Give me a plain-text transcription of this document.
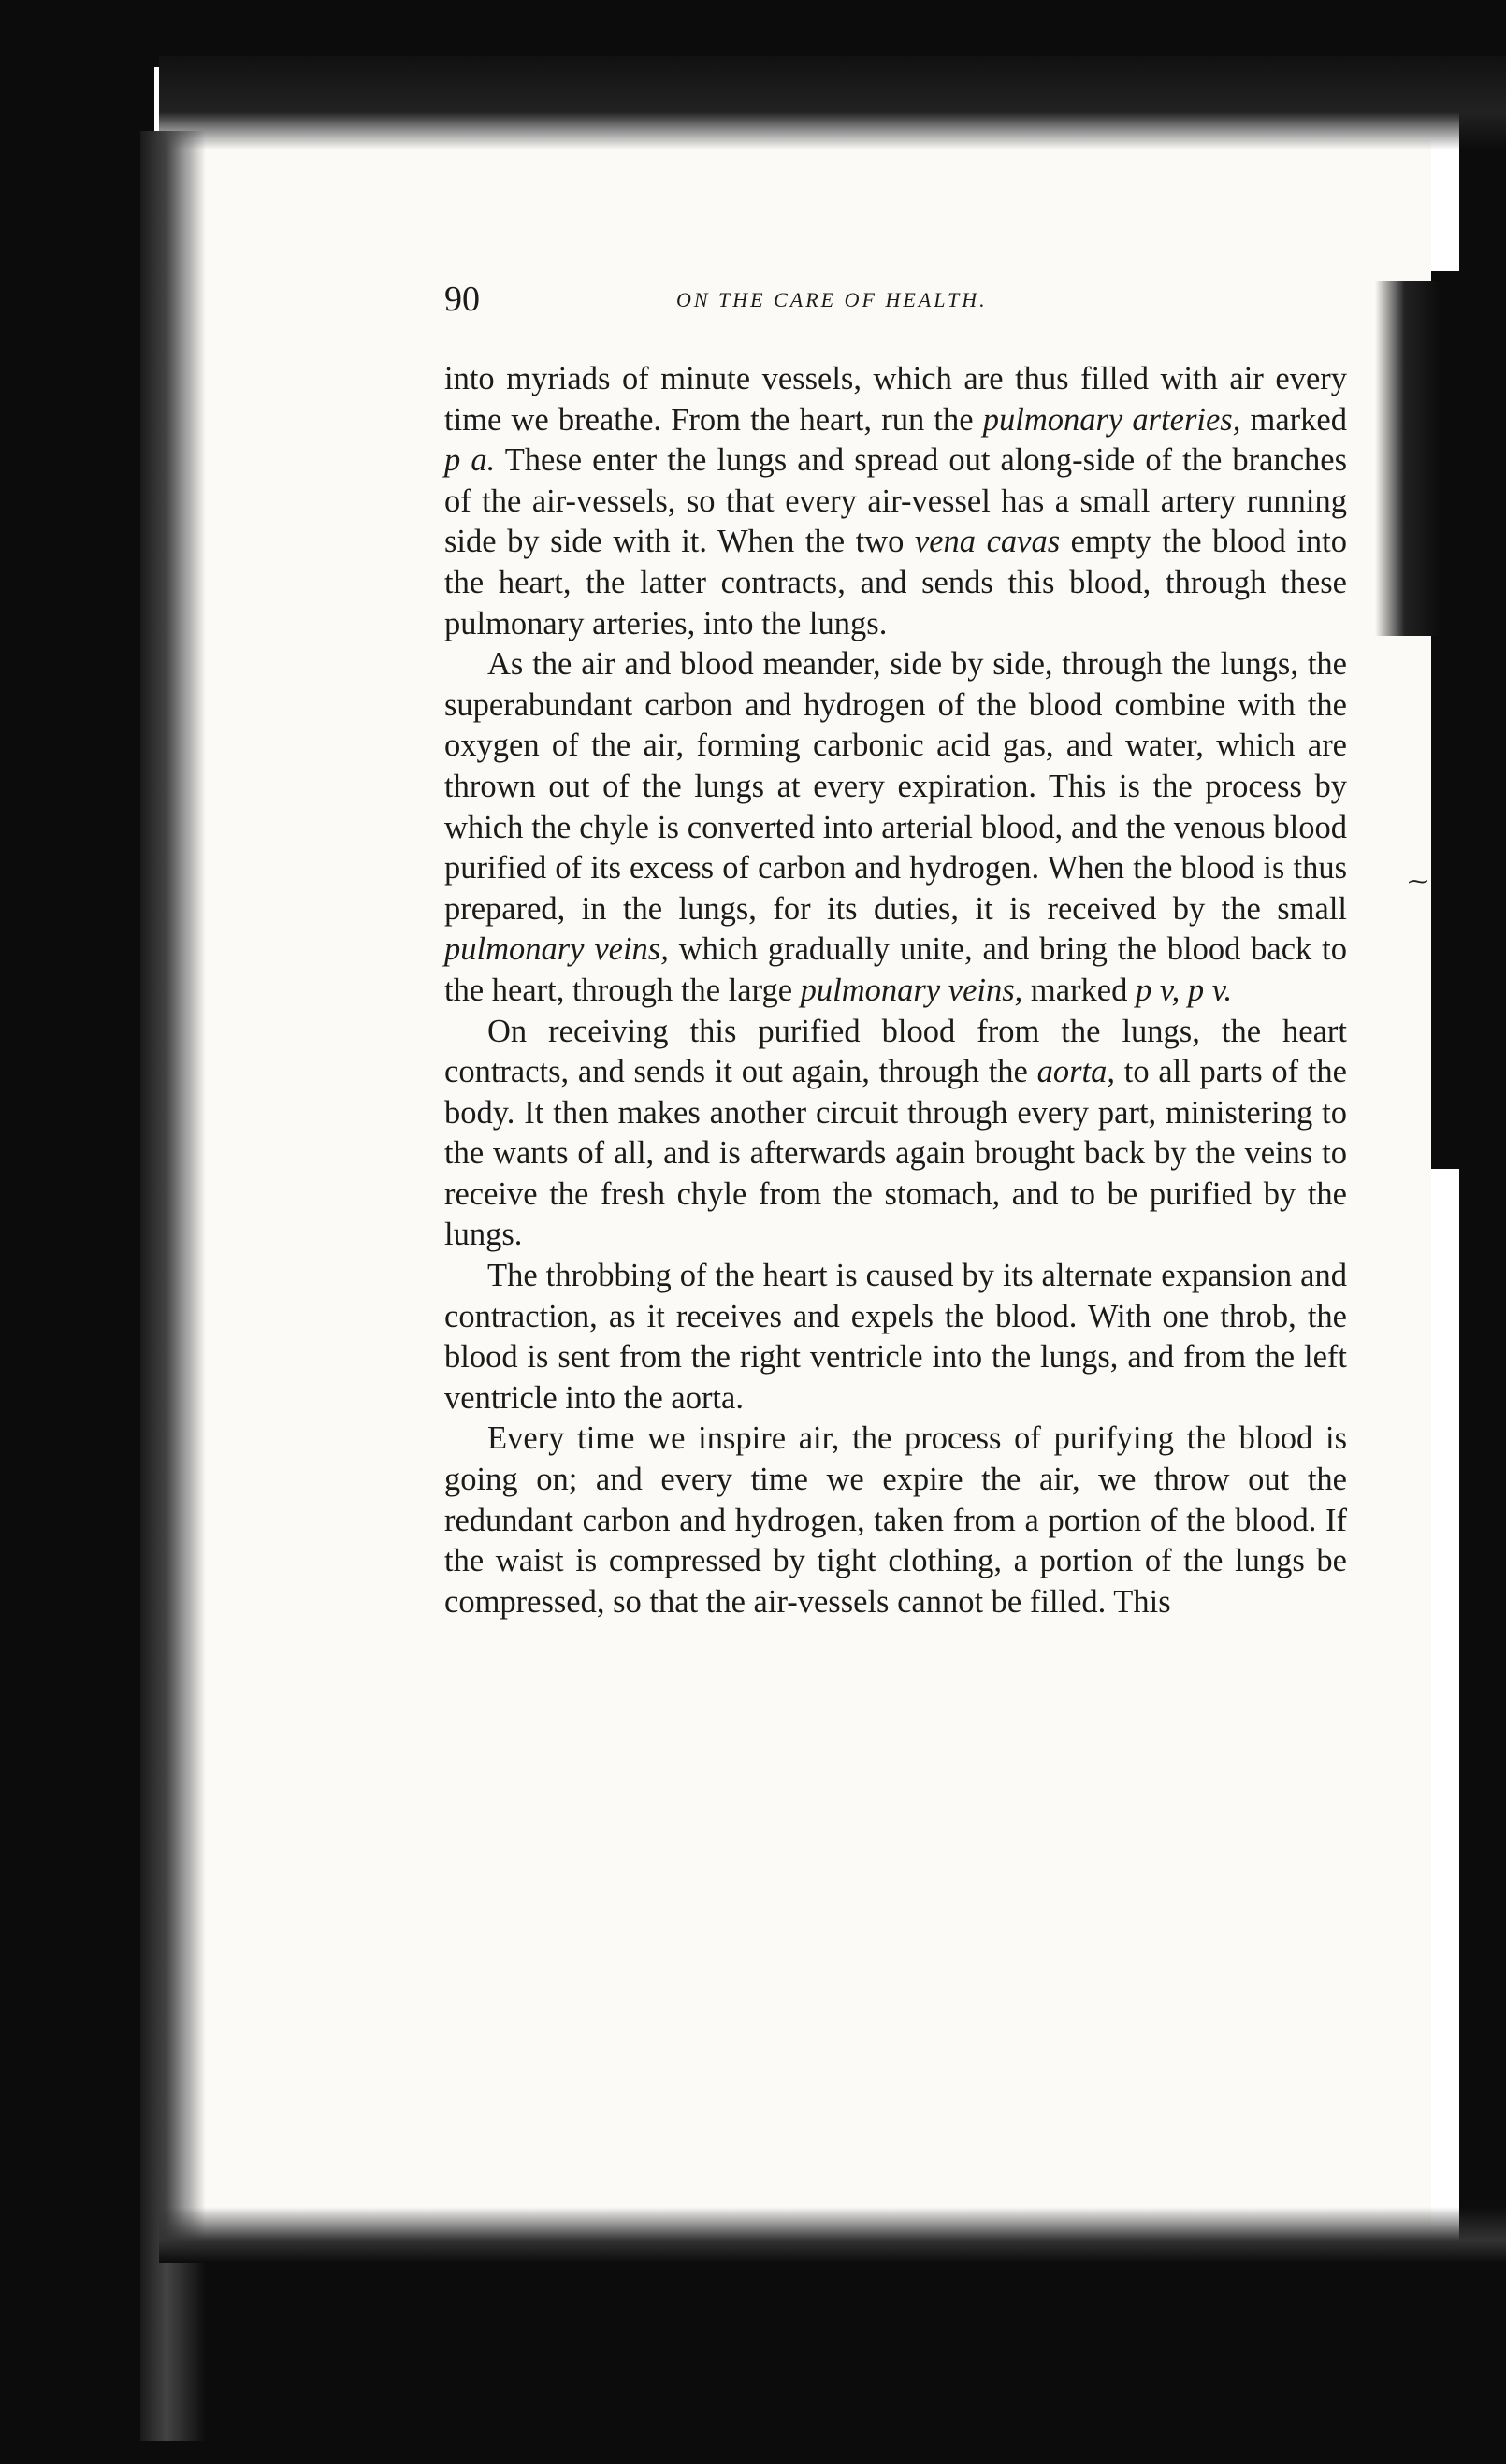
90	ON THE CARE OF HEALTH.

into myriads of minute vessels, which are thus filled with air every time we breathe. From the heart, run the pulmonary arteries, marked p a. These enter the lungs and spread out along-side of the branches of the air-vessels, so that every air-vessel has a small artery running side by side with it. When the two vena cavas empty the blood into the heart, the latter contracts, and sends this blood, through these pulmonary arteries, into the lungs.

As the air and blood meander, side by side, through the lungs, the superabundant carbon and hydrogen of the blood combine with the oxygen of the air, forming carbonic acid gas, and water, which are thrown out of the lungs at every expiration. This is the process by which the chyle is converted into arterial blood, and the venous blood purified of its excess of carbon and hydrogen. When the blood is thus prepared, in the lungs, for its duties, it is received by the small pulmonary veins, which gradually unite, and bring the blood back to the heart, through the large pulmonary veins, marked p v, p v.

On receiving this purified blood from the lungs, the heart contracts, and sends it out again, through the aorta, to all parts of the body. It then makes another circuit through every part, ministering to the wants of all, and is afterwards again brought back by the veins to receive the fresh chyle from the stomach, and to be purified by the lungs.

The throbbing of the heart is caused by its alternate expansion and contraction, as it receives and expels the blood. With one throb, the blood is sent from the right ventricle into the lungs, and from the left ventricle into the aorta.

Every time we inspire air, the process of purifying the blood is going on; and every time we expire the air, we throw out the redundant carbon and hydrogen, taken from a portion of the blood. If the waist is compressed by tight clothing, a portion of the lungs be compressed, so that the air-vessels cannot be filled. This

⁓
